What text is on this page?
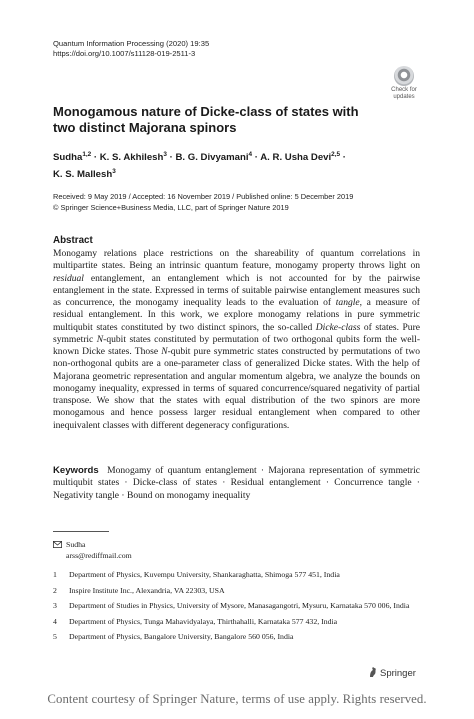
Quantum Information Processing (2020) 19:35
https://doi.org/10.1007/s11128-019-2511-3
Check for
updates
Monogamous nature of Dicke-class of states with two distinct Majorana spinors
Sudha$^{1,2}$ · K. S. Akhilesh$^3$ · B. G. Divyamani$^4$ · A. R. Usha Devi$^{2,5}$ ·
K. S. Mallesh$^3$
Received: 9 May 2019 / Accepted: 16 November 2019 / Published online: 5 December 2019
© Springer Science+Business Media, LLC, part of Springer Nature 2019
Abstract
Monogamy relations place restrictions on the shareability of quantum correlations in multipartite states. Being an intrinsic quantum feature, monogamy property throws light on residual entanglement, an entanglement which is not accounted for by the pairwise entanglement in the state. Expressed in terms of suitable pairwise entanglement measures such as concurrence, the monogamy inequality leads to the evaluation of tangle, a measure of residual entanglement. In this work, we explore monogamy relations in pure symmetric multiqubit states constituted by two distinct spinors, the so-called Dicke-class of states. Pure symmetric N-qubit states constituted by permutation of two orthogonal qubits form the well-known Dicke states. Those N-qubit pure symmetric states constructed by permutations of two non-orthogonal qubits are a one-parameter class of generalized Dicke states. With the help of Majorana geometric representation and angular momentum algebra, we analyze the bounds on monogamy inequality, expressed in terms of squared concurrence/squared negativity of partial transpose. We show that the states with equal distribution of the two spinors are more monogamous and hence possess larger residual entanglement when compared to other inequivalent classes with different degeneracy configurations.
Keywords Monogamy of quantum entanglement · Majorana representation of symmetric multiqubit states · Dicke-class of states · Residual entanglement · Concurrence tangle · Negativity tangle · Bound on monogamy inequality
Sudha
arss@rediffmail.com
1	Department of Physics, Kuvempu University, Shankaraghatta, Shimoga 577 451, India
2	Inspire Institute Inc., Alexandria, VA 22303, USA
3	Department of Studies in Physics, University of Mysore, Manasagangotri, Mysuru, Karnataka 570 006, India
4	Department of Physics, Tunga Mahavidyalaya, Thirthahalli, Karnataka 577 432, India
5	Department of Physics, Bangalore University, Bangalore 560 056, India
Springer
Content courtesy of Springer Nature, terms of use apply. Rights reserved.
